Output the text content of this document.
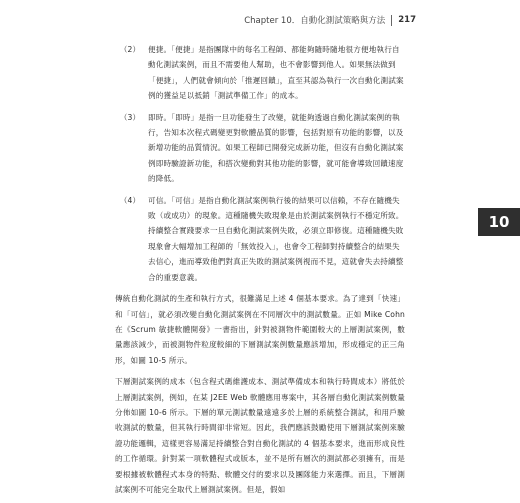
Chapter 10．自動化測試策略與方法 217
10
（2）	便捷。「便捷」是指團隊中的每名工程師、都能夠隨時隨地很方便地執行自動化測試案例，而且不需要他人幫助，也不會影響到他人。如果無法做到「便捷」，人們就會傾向於「推遲回饋」，直至其認為執行一次自動化測試案例的獲益足以抵銷「測試準備工作」的成本。

（3）	即時。「即時」是指一旦功能發生了改變，就能夠透過自動化測試案例的執行，告知本次程式碼變更對軟體品質的影響，包括對原有功能的影響，以及新增功能的品質情況。如果工程師已開發完成新功能，但沒有自動化測試案例即時驗證新功能，和搭次變動對其他功能的影響，就可能會導致回饋速度的降低。

（4）	可信。「可信」是指自動化測試案例執行後的結果可以信賴，不存在隨機失敗（或成功）的現象。這種隨機失敗現象是由於測試案例執行不穩定所致。持續整合實踐要求一旦自動化測試案例失敗，必須立即修復。這種隨機失敗現象會大幅增加工程師的「無效投入」，也會令工程師對持續整合的結果失去信心，進而導致他們對真正失敗的測試案例視而不見，這就會失去持續整合的重要意義。

傳統自動化測試的生產和執行方式，很難滿足上述 4 個基本要求。為了達到「快速」和「可信」，就必須改變自動化測試案例在不同層次中的測試數量。正如 Mike Cohn 在《Scrum 敏捷軟體開發》一書指出，針對被測物件範圍較大的上層測試案例，數量應該減少，而被測物件粒度較細的下層測試案例數量應該增加，形成穩定的正三角形，如圖 10-5 所示。

下層測試案例的成本（包含程式碼維護成本、測試準備成本和執行時間成本）將低於上層測試案例，例如，在某 J2EE Web 軟體應用專案中，其各層自動化測試案例數量分佈如圖 10-6 所示。下層的單元測試數量遠遠多於上層的系統整合測試，和用戶驗收測試的數量，但其執行時間卻非常短。因此，我們應該鼓勵使用下層測試案例來驗證功能邏輯，這樣更容易滿足持續整合對自動化測試的 4 個基本要求，進而形成良性的工作循環。針對某一項軟體程式或版本，並不是所有層次的測試都必須擁有，而是要根據被軟體程式本身的特點、軟體交付的要求以及團隊能力來選擇。而且，下層測試案例不可能完全取代上層測試案例。但是，假如
